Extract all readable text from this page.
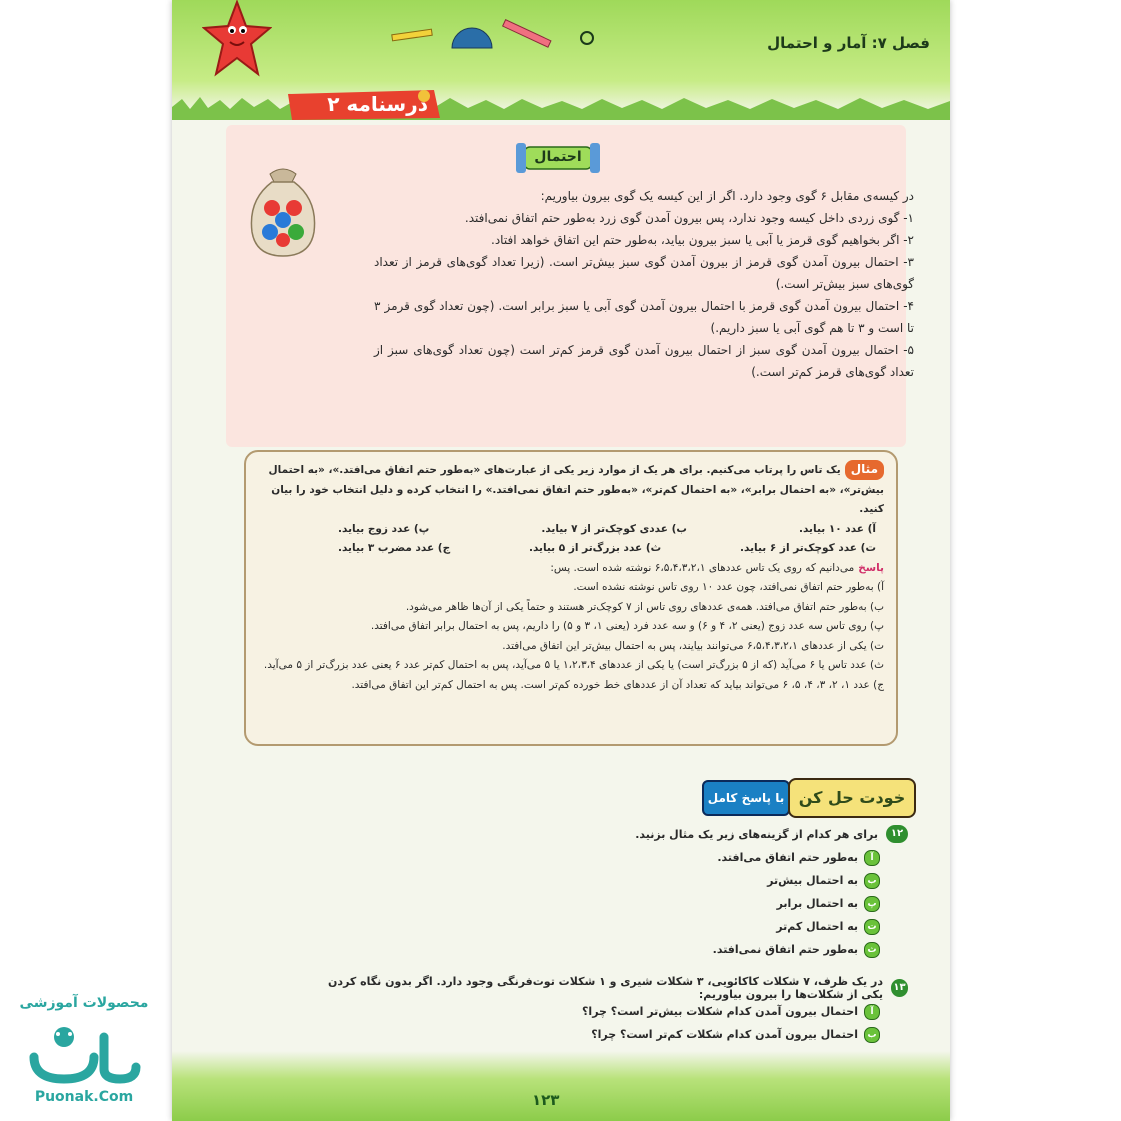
فصل ۷: آمار و احتمال
درسنامه ۲
احتمال

در کیسه‌ی مقابل ۶ گوی وجود دارد. اگر از این کیسه یک گوی بیرون بیاوریم:

۱- گوی زردی داخل کیسه وجود ندارد، پس بیرون آمدن گوی زرد به‌طور حتم اتفاق نمی‌افتد.

۲- اگر بخواهیم گوی قرمز یا آبی یا سبز بیرون بیاید، به‌طور حتم این اتفاق خواهد افتاد.

۳- احتمال بیرون آمدن گوی قرمز از بیرون آمدن گوی سبز بیش‌تر است. (زیرا تعداد گوی‌های قرمز از تعداد گوی‌های سبز بیش‌تر است.)

۴- احتمال بیرون آمدن گوی قرمز با احتمال بیرون آمدن گوی آبی یا سبز برابر است. (چون تعداد گوی قرمز ۳ تا است و ۳ تا هم گوی آبی یا سبز داریم.)

۵- احتمال بیرون آمدن گوی سبز از احتمال بیرون آمدن گوی قرمز کم‌تر است (چون تعداد گوی‌های سبز از تعداد گوی‌های قرمز کم‌تر است.)

مثالیک تاس را پرتاب می‌کنیم. برای هر یک از موارد زیر یکی از عبارت‌های «به‌طور حتم اتفاق می‌افتد.»، «به احتمال بیش‌تر»، «به احتمال برابر»، «به احتمال کم‌تر»، «به‌طور حتم اتفاق نمی‌افتد.» را انتخاب کرده و دلیل انتخاب خود را بیان کنید.

آ) عدد ۱۰ بیاید.
ب) عددی کوچک‌تر از ۷ بیاید.
پ) عدد زوج بیاید.
ت) عدد کوچک‌تر از ۶ بیاید.
ث) عدد بزرگ‌تر از ۵ بیاید.
ج) عدد مضرب ۳ بیاید.

پاسخمی‌دانیم که روی یک تاس عددهای ۶،۵،۴،۳،۲،۱ نوشته شده است. پس:

آ) به‌طور حتم اتفاق نمی‌افتد، چون عدد ۱۰ روی تاس نوشته نشده است.

ب) به‌طور حتم اتفاق می‌افتد. همه‌ی عددهای روی تاس از ۷ کوچک‌تر هستند و حتماً یکی از آن‌ها ظاهر می‌شود.

پ) روی تاس سه عدد زوج (یعنی ۲، ۴ و ۶) و سه عدد فرد (یعنی ۱، ۳ و ۵) را داریم، پس به احتمال برابر اتفاق می‌افتد.

ت) یکی از عددهای ۶،۵،۴،۳،۲،۱ می‌توانند بیایند، پس به احتمال بیش‌تر این اتفاق می‌افتد.

ث) عدد تاس یا ۶ می‌آید (که از ۵ بزرگ‌تر است) یا یکی از عددهای ۱،۲،۳،۴ یا ۵ می‌آید، پس به احتمال کم‌تر عدد ۶ یعنی عدد بزرگ‌تر از ۵ می‌آید.

ج) عدد ۱، ۲، ۳، ۴، ۵، ۶ می‌تواند بیاید که تعداد آن از عددهای خط خورده کم‌تر است. پس به احتمال کم‌تر این اتفاق می‌افتد.

با پاسخ کامل خودت حل کن
۱۲
برای هر کدام از گزینه‌های زیر یک مثال بزنید.
آ
به‌طور حتم اتفاق می‌افتد.
ب
به احتمال بیش‌تر
پ
به احتمال برابر
ت
به احتمال کم‌تر
ث
به‌طور حتم اتفاق نمی‌افتد.
۱۳
در یک ظرف، ۷ شکلات کاکائویی، ۳ شکلات شیری و ۱ شکلات توت‌فرنگی وجود دارد. اگر بدون نگاه کردن یکی از شکلات‌ها را بیرون بیاوریم:
آ
احتمال بیرون آمدن کدام شکلات بیش‌تر است؟ چرا؟
ب
احتمال بیرون آمدن کدام شکلات کم‌تر است؟ چرا؟
۱۲۳
محصولات آموزشی
Puonak.Com
